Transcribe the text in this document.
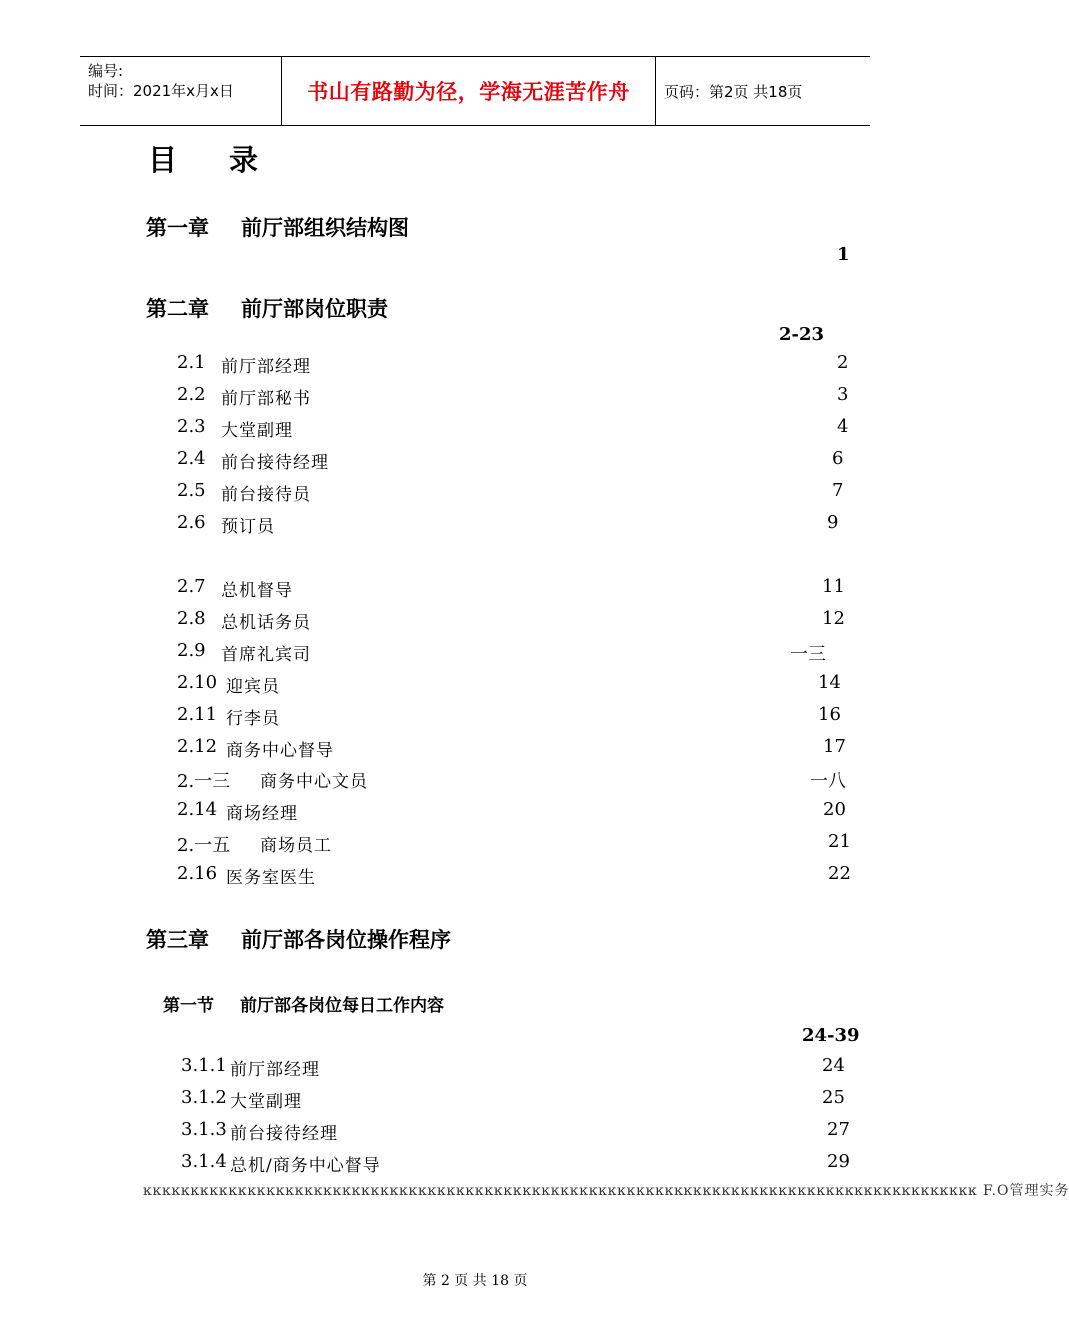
编号:
时间：2021年x月x日	书山有路勤为径，学海无涯苦作舟	页码：第2页 共18页
目录
第一章 前厅部组织结构图
1
第二章 前厅部岗位职责
2-23
2.1 前厅部经理	2
2.2 前厅部秘书	3
2.3 大堂副理	4
2.4 前台接待经理	6
2.5 前台接待员	7
2.6 预订员	9
2.7 总机督导	11
2.8 总机话务员	12
2.9 首席礼宾司	一三
2.10 迎宾员	14
2.11 行李员	16
2.12 商务中心督导	17
2.一三 商务中心文员	一八
2.14 商场经理	20
2.一五 商场员工	21
2.16 医务室医生	22
第三章 前厅部各岗位操作程序
第一节 前厅部各岗位每日工作内容
24-39
3.1.1 前厅部经理	24
3.1.2 大堂副理	25
3.1.3 前台接待经理	27
3.1.4 总机/商务中心督导	29
ĸĸĸĸĸĸĸĸĸĸĸĸĸĸĸĸĸĸĸĸĸĸĸĸĸĸĸĸĸĸĸĸĸĸĸĸĸĸĸĸĸĸĸĸĸĸĸĸĸĸĸĸĸĸĸĸĸĸĸĸĸĸĸĸĸĸĸĸĸĸĸĸĸĸĸĸĸĸĸĸĸĸĸĸĸĸĸĸ F.O管理实务
第 2 页 共 18 页
